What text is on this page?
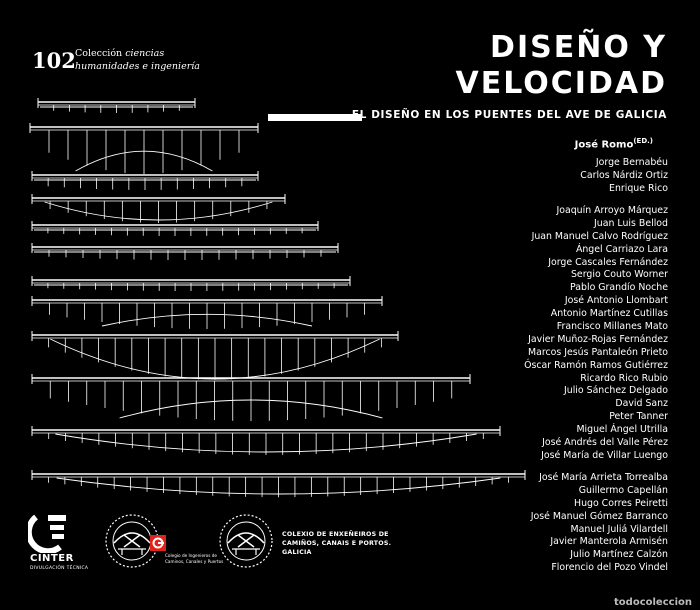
102 Colección ciencias
humanidades e ingeniería
DISEÑO Y
VELOCIDAD
EL DISEÑO EN LOS PUENTES DEL AVE DE GALICIA
José Romo$^{(ED.)}$
Jorge Bernabéu
Carlos Nárdiz Ortiz
Enrique Rico
Joaquín Arroyo Márquez
Juan Luis Bellod
Juan Manuel Calvo Rodríguez
Ángel Carriazo Lara
Jorge Cascales Fernández
Sergio Couto Worner
Pablo Grandío Noche
José Antonio Llombart
Antonio Martínez Cutillas
Francisco Millanes Mato
Javier Muñoz-Rojas Fernández
Marcos Jesús Pantaleón Prieto
Óscar Ramón Ramos Gutiérrez
Ricardo Rico Rubio
Julio Sánchez Delgado
David Sanz
Peter Tanner
Miguel Ángel Utrilla
José Andrés del Valle Pérez
José María de Villar Luengo
José María Arrieta Torrealba
Guillermo Capellán
Hugo Corres Peiretti
José Manuel Gómez Barranco
Manuel Juliá Vilardell
Javier Manterola Armisén
Julio Martínez Calzón
Florencio del Pozo Vindel
CINTER
DIVULGACIÓN TÉCNICA
Colegio de Ingenieros de
Caminos, Canales y Puertos
COLEXIO DE ENXEÑEIROS DE
CAMIÑOS, CANAIS E PORTOS.
GALICIA
todocoleccion
